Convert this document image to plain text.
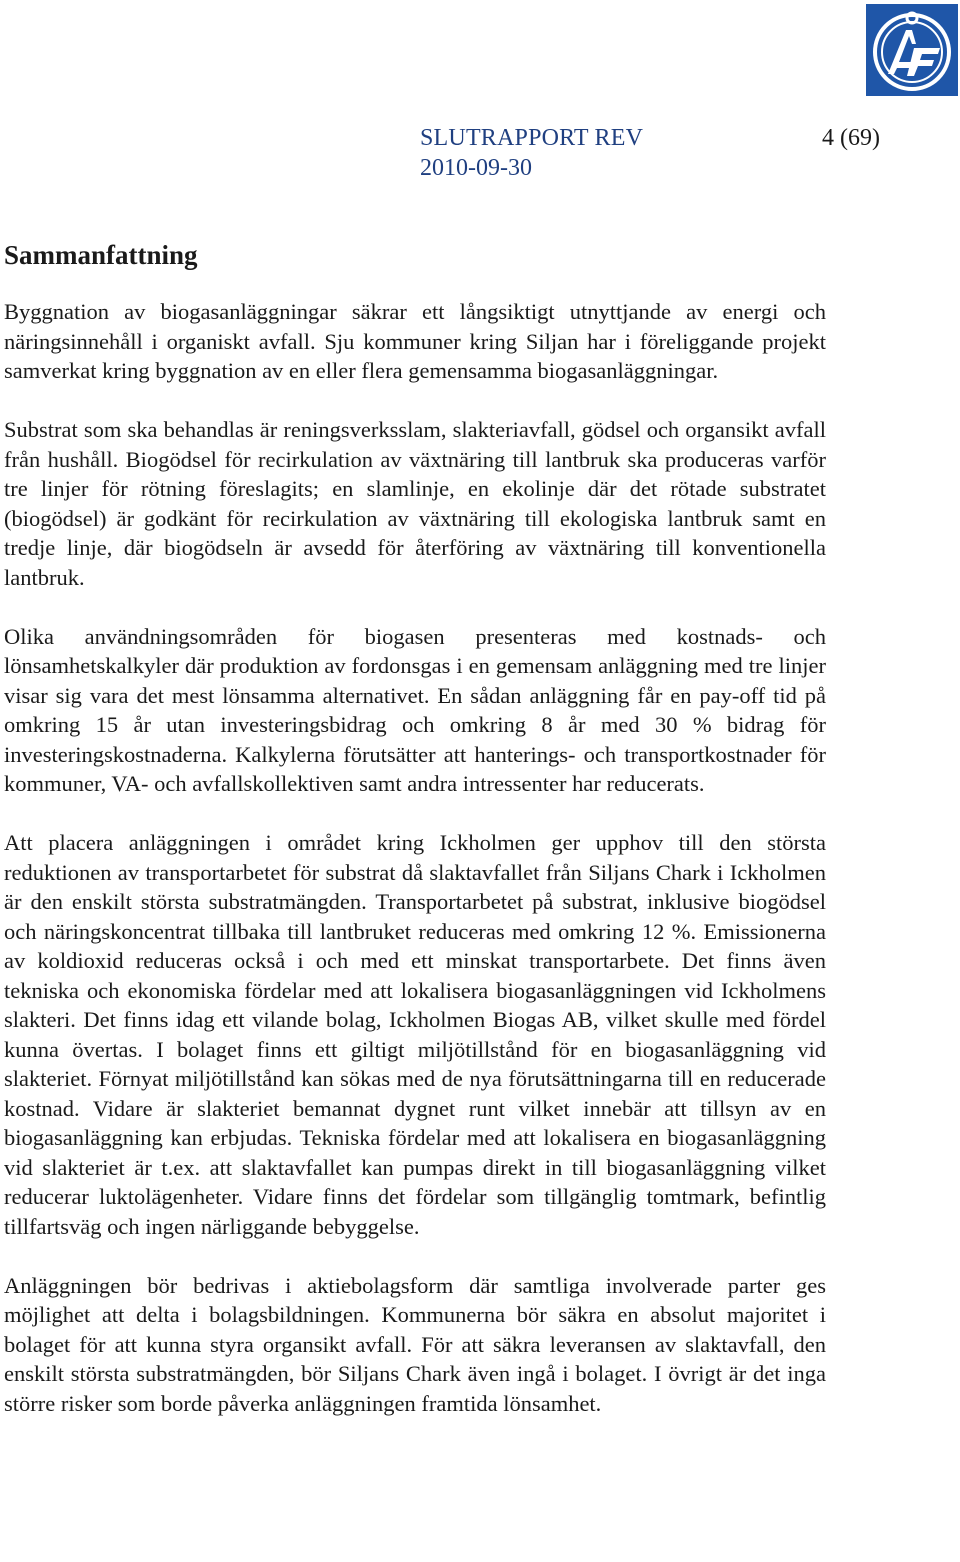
SLUTRAPPORT REV

2010-09-30

4 (69)

Sammanfattning

Byggnation av biogasanläggningar säkrar ett långsiktigt utnyttjande av energi och näringsinnehåll i organiskt avfall. Sju kommuner kring Siljan har i föreliggande projekt samverkat kring byggnation av en eller flera gemensamma biogasanläggningar.

Substrat som ska behandlas är reningsverksslam, slakteriavfall, gödsel och organsikt avfall från hushåll. Biogödsel för recirkulation av växtnäring till lantbruk ska produceras varför tre linjer för rötning föreslagits; en slamlinje, en ekolinje där det rötade substratet (biogödsel) är godkänt för recirkulation av växtnäring till ekologiska lantbruk samt en tredje linje, där biogödseln är avsedd för återföring av växtnäring till konventionella lantbruk.

Olika användningsområden för biogasen presenteras med kostnads- och lönsamhetskalkyler där produktion av fordonsgas i en gemensam anläggning med tre linjer visar sig vara det mest lönsamma alternativet. En sådan anläggning får en pay-off tid på omkring 15 år utan investeringsbidrag och omkring 8 år med 30 % bidrag för investeringskostnaderna. Kalkylerna förutsätter att hanterings- och transportkostnader för kommuner, VA- och avfallskollektiven samt andra intressenter har reducerats.

Att placera anläggningen i området kring Ickholmen ger upphov till den största reduktionen av transportarbetet för substrat då slaktavfallet från Siljans Chark i Ickholmen är den enskilt största substratmängden. Transportarbetet på substrat, inklusive biogödsel och näringskoncentrat tillbaka till lantbruket reduceras med omkring 12 %. Emissionerna av koldioxid reduceras också i och med ett minskat transportarbete. Det finns även tekniska och ekonomiska fördelar med att lokalisera biogasanläggningen vid Ickholmens slakteri. Det finns idag ett vilande bolag, Ickholmen Biogas AB, vilket skulle med fördel kunna övertas. I bolaget finns ett giltigt miljötillstånd för en biogasanläggning vid slakteriet. Förnyat miljötillstånd kan sökas med de nya förutsättningarna till en reducerade kostnad. Vidare är slakteriet bemannat dygnet runt vilket innebär att tillsyn av en biogasanläggning kan erbjudas. Tekniska fördelar med att lokalisera en biogasanläggning vid slakteriet är t.ex. att slaktavfallet kan pumpas direkt in till biogasanläggning vilket reducerar luktolägenheter. Vidare finns det fördelar som tillgänglig tomtmark, befintlig tillfartsväg och ingen närliggande bebyggelse.

Anläggningen bör bedrivas i aktiebolagsform där samtliga involverade parter ges möjlighet att delta i bolagsbildningen. Kommunerna bör säkra en absolut majoritet i bolaget för att kunna styra organsikt avfall. För att säkra leveransen av slaktavfall, den enskilt största substratmängden, bör Siljans Chark även ingå i bolaget. I övrigt är det inga större risker som borde påverka anläggningen framtida lönsamhet.
